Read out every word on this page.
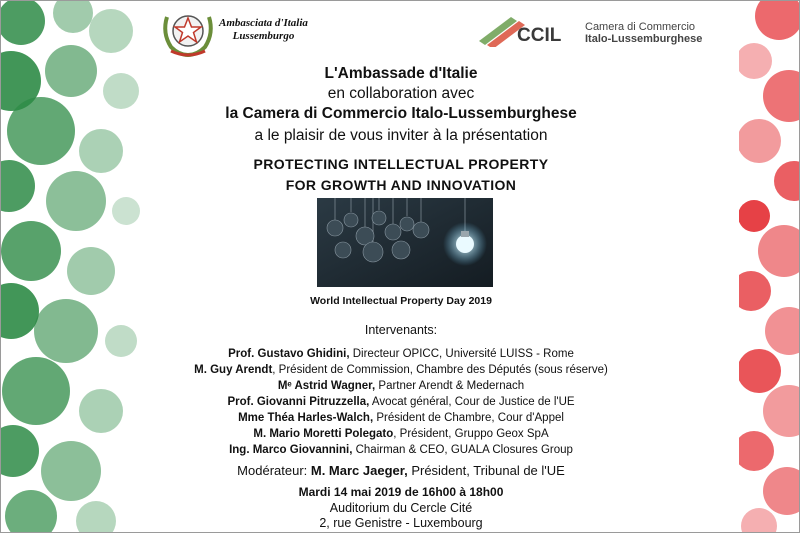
Ambasciata d'Italia
Lussemburgo	CCIL Camera di Commercio
Italo-Lussemburghese
L'Ambassade d'Italie
en collaboration avec
la Camera di Commercio Italo-Lussemburghese
a le plaisir de vous inviter à la présentation
PROTECTING INTELLECTUAL PROPERTY
FOR GROWTH AND INNOVATION
World Intellectual Property Day 2019
Intervenants:
Prof. Gustavo Ghidini, Directeur OPICC, Université LUISS - Rome
M. Guy Arendt, Président de Commission, Chambre des Députés (sous réserve)
Mᵉ Astrid Wagner, Partner Arendt & Medernach
Prof. Giovanni Pitruzzella, Avocat général, Cour de Justice de l'UE
Mme Théa Harles-Walch, Président de Chambre, Cour d'Appel
M. Mario Moretti Polegato, Président, Gruppo Geox SpA
Ing. Marco Giovannini, Chairman & CEO, GUALA Closures Group
Modérateur: M. Marc Jaeger, Président, Tribunal de l'UE
Mardi 14 mai 2019 de 16h00 à 18h00
Auditorium du Cercle Cité
2, rue Genistre - Luxembourg
